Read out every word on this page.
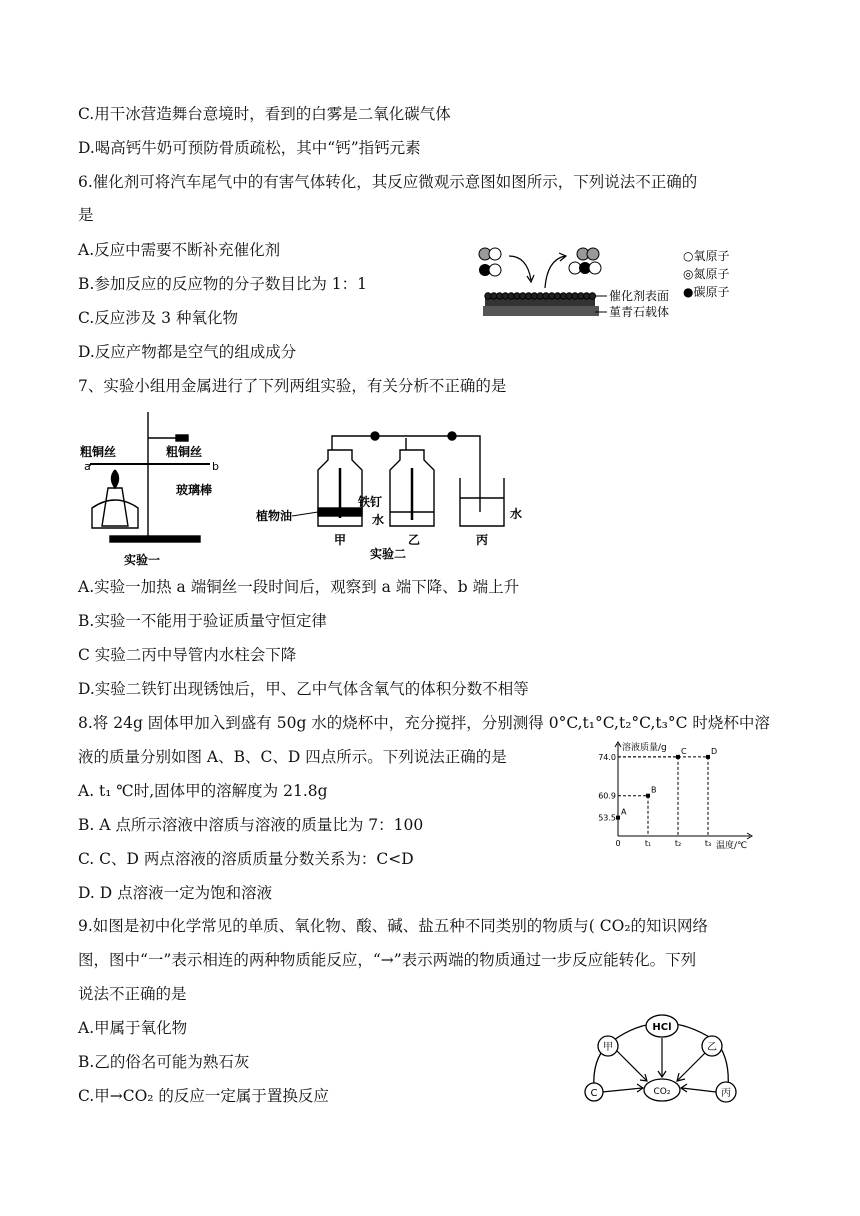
C.用干冰营造舞台意境时，看到的白雾是二氧化碳气体
D.喝高钙牛奶可预防骨质疏松，其中“钙”指钙元素
6.催化剂可将汽车尾气中的有害气体转化，其反应微观示意图如图所示，下列说法不正确的
是
A.反应中需要不断补充催化剂
B.参加反应的反应物的分子数目比为 1：1
C.反应涉及 3 种氧化物
D.反应产物都是空气的组成成分
7、实验小组用金属进行了下列两组实验，有关分析不正确的是
A.实验一加热 a 端铜丝一段时间后，观察到 a 端下降、b 端上升
B.实验一不能用于验证质量守恒定律
C 实验二丙中导管内水柱会下降
D.实验二铁钉出现锈蚀后，甲、乙中气体含氧气的体积分数不相等
8.将 24g 固体甲加入到盛有 50g 水的烧杯中，充分搅拌，分别测得 0°C,t₁°C,t₂°C,t₃°C 时烧杯中溶
液的质量分别如图 A、B、C、D 四点所示。下列说法正确的是
A. t₁ ℃时,固体甲的溶解度为 21.8g
B. A 点所示溶液中溶质与溶液的质量比为 7：100
C. C、D 两点溶液的溶质质量分数关系为：C<D
D. D 点溶液一定为饱和溶液
9.如图是初中化学常见的单质、氧化物、酸、碱、盐五种不同类别的物质与( CO₂的知识网络
图，图中“一”表示相连的两种物质能反应，“→”表示两端的物质通过一步反应能转化。下列
说法不正确的是
A.甲属于氧化物
B.乙的俗名可能为熟石灰
C.甲→CO₂ 的反应一定属于置换反应
催化剂表面
堇青石载体
○氧原子
◎氮原子
●碳原子
粗铜丝	粗铜丝
a	b
玻璃棒
实验一
植物油
铁钉
水	水
甲	乙	丙
实验二
溶液质量/g
温度/℃
0	t₁	t₂	t₃
53.5
60.9
74.0
A
B
C	D
HCl
甲	乙
C	CO₂	丙
